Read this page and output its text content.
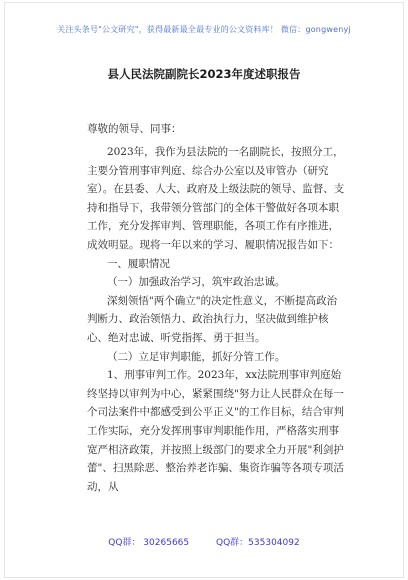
关注头条号"公文研究"，获得最新最全最专业的公文资料库！ 微信：gongwenyj
县人民法院副院长2023年度述职报告

尊敬的领导、同事：

2023年，我作为县法院的一名副院长，按照分工，主要分管刑事审判庭、综合办公室以及审管办（研究室）。在县委、人大、政府及上级法院的领导、监督、支持和指导下，我带领分管部门的全体干警做好各项本职工作，充分发挥审判、管理职能，各项工作有序推进，成效明显。现将一年以来的学习、履职情况报告如下：

一、履职情况

（一）加强政治学习，筑牢政治忠诚。

深刻领悟"两个确立"的决定性意义，不断提高政治判断力、政治领悟力、政治执行力，坚决做到维护核心、绝对忠诚、听党指挥、勇于担当。

（二）立足审判职能，抓好分管工作。

1、刑事审判工作。2023年，xx法院刑事审判庭始终坚持以审判为中心，紧紧围绕"努力让人民群众在每一个司法案件中都感受到公平正义"的工作目标，结合审判工作实际，充分发挥刑事审判职能作用，严格落实刑事宽严相济政策，并按照上级部门的要求全力开展"利剑护蕾"、扫黑除恶、整治养老诈骗、集资诈骗等各项专项活动，从

QQ群： 30265665	QQ群：535304092
